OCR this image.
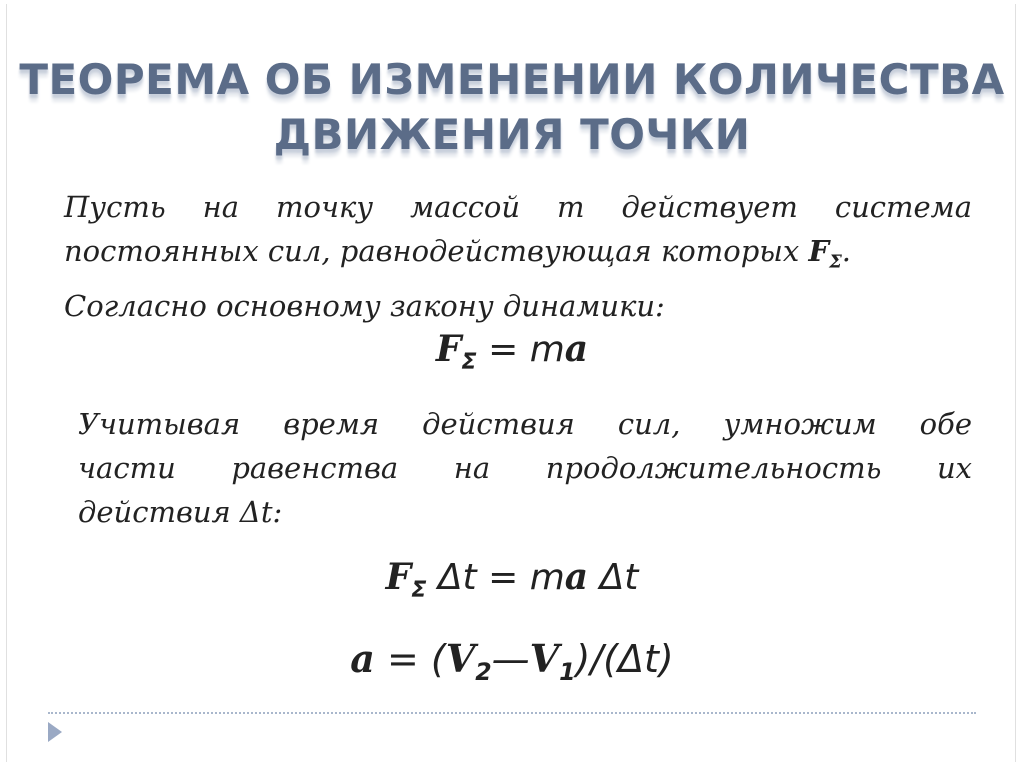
ТЕОРЕМА ОБ ИЗМЕНЕНИИ КОЛИЧЕСТВА
ДВИЖЕНИЯ ТОЧКИ
Пусть на точку массой m действует система
постоянных сил, равнодействующая которых $F_\Sigma$.
Согласно основному закону динамики:
$F_\Sigma$ = ma
Учитывая время действия сил, умножим обе
части равенства на продолжительность их
действия Δt:
$F_\Sigma$ Δt = ma Δt
$a = (V_2—V_1)/(\Delta t)$
